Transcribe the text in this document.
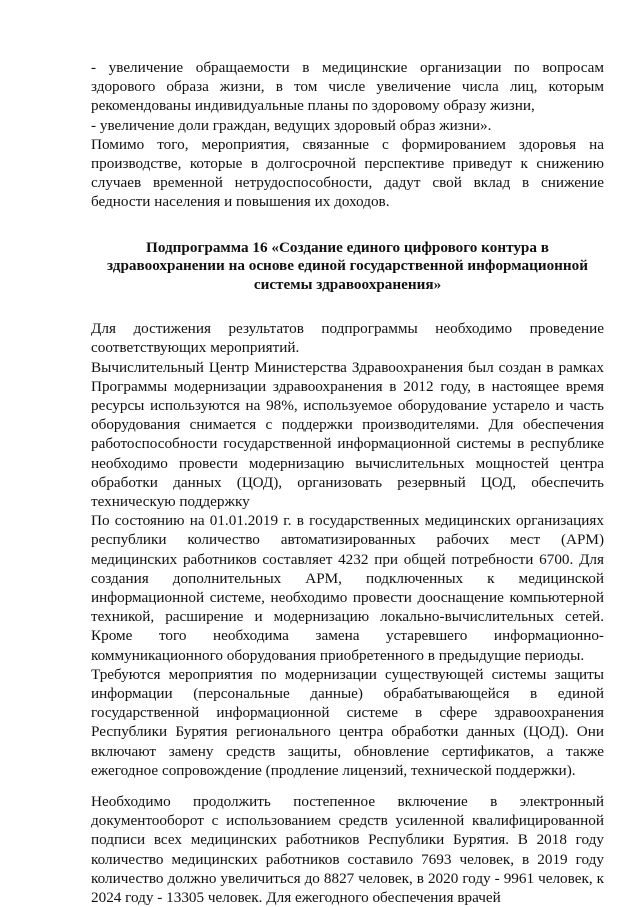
- увеличение обращаемости в медицинские организации по вопросам здорового образа жизни, в том числе увеличение числа лиц, которым рекомендованы индивидуальные планы по здоровому образу жизни,

- увеличение доли граждан, ведущих здоровый образ жизни».

Помимо того, мероприятия, связанные с формированием здоровья на производстве, которые в долгосрочной перспективе приведут к снижению случаев временной нетрудоспособности, дадут свой вклад в снижение бедности населения и повышения их доходов.

Подпрограмма 16 «Создание единого цифрового контура в
здравоохранении на основе единой государственной информационной
системы здравоохранения»

Для достижения результатов подпрограммы необходимо проведение соответствующих мероприятий.

Вычислительный Центр Министерства Здравоохранения был создан в рамках Программы модернизации здравоохранения в 2012 году, в настоящее время ресурсы используются на 98%, используемое оборудование устарело и часть оборудования снимается с поддержки производителями. Для обеспечения работоспособности государственной информационной системы в республике необходимо провести модернизацию вычислительных мощностей центра обработки данных (ЦОД), организовать резервный ЦОД, обеспечить техническую поддержку

По состоянию на 01.01.2019 г. в государственных медицинских организациях республики количество автоматизированных рабочих мест (АРМ) медицинских работников составляет 4232 при общей потребности 6700. Для создания дополнительных АРМ, подключенных к медицинской информационной системе, необходимо провести дооснащение компьютерной техникой, расширение и модернизацию локально-вычислительных сетей. Кроме того необходима замена устаревшего информационно-коммуникационного оборудования приобретенного в предыдущие периоды.

Требуются мероприятия по модернизации существующей системы защиты информации (персональные данные) обрабатывающейся в единой государственной информационной системе в сфере здравоохранения Республики Бурятия регионального центра обработки данных (ЦОД). Они включают замену средств защиты, обновление сертификатов, а также ежегодное сопровождение (продление лицензий, технической поддержки).

Необходимо продолжить постепенное включение в электронный документооборот с использованием средств усиленной квалифицированной подписи всех медицинских работников Республики Бурятия. В 2018 году количество медицинских работников составило 7693 человек, в 2019 году количество должно увеличиться до 8827 человек, в 2020 году - 9961 человек, к 2024 году - 13305 человек. Для ежегодного обеспечения врачей
